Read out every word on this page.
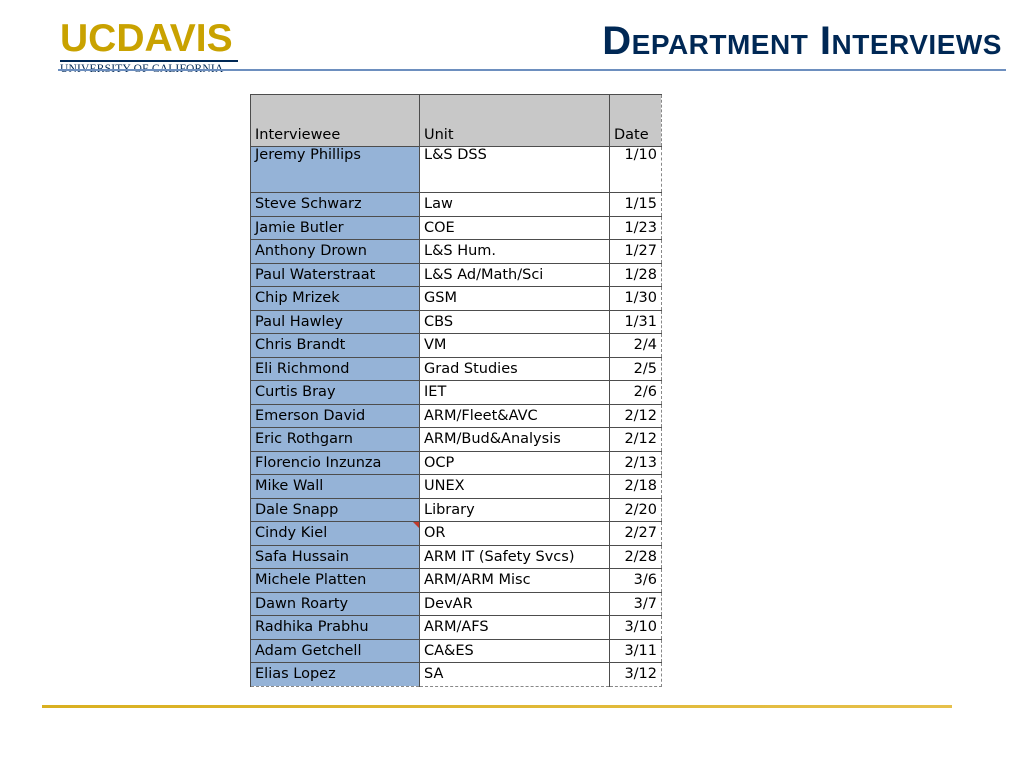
UCDAVIS	Department Interviews
Interviewee	Unit	Date
Jeremy Phillips	L&S DSS	1/10
Steve Schwarz	Law	1/15
Jamie Butler	COE	1/23
Anthony Drown	L&S Hum.	1/27
Paul Waterstraat	L&S Ad/Math/Sci	1/28
Chip Mrizek	GSM	1/30
Paul Hawley	CBS	1/31
Chris Brandt	VM	2/4
Eli Richmond	Grad Studies	2/5
Curtis Bray	IET	2/6
Emerson David	ARM/Fleet&AVC	2/12
Eric Rothgarn	ARM/Bud&Analysis	2/12
Florencio Inzunza	OCP	2/13
Mike Wall	UNEX	2/18
Dale Snapp	Library	2/20
Cindy Kiel	OR	2/27
Safa Hussain	ARM IT (Safety Svcs)	2/28
Michele Platten	ARM/ARM Misc	3/6
Dawn Roarty	DevAR	3/7
Radhika Prabhu	ARM/AFS	3/10
Adam Getchell	CA&ES	3/11
Elias Lopez	SA	3/12
